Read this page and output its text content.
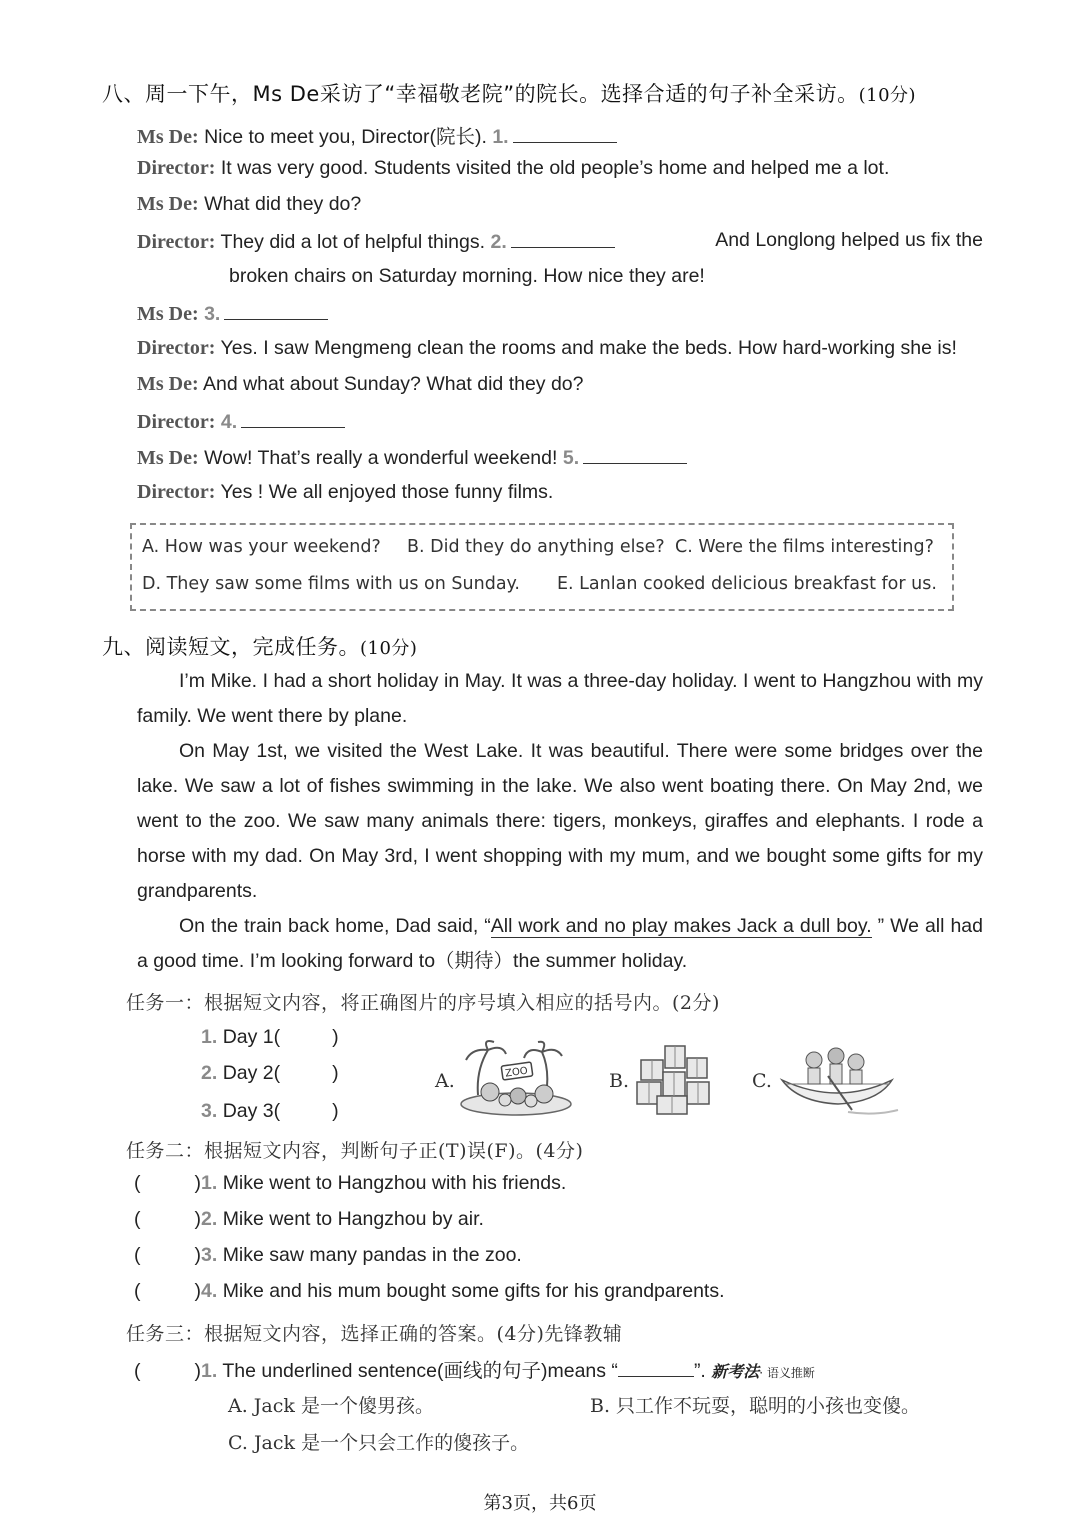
八、周一下午，Ms De采访了“幸福敬老院”的院长。选择合适的句子补全采访。(10分)
Ms De: Nice to meet you, Director(院长). 1.
Director: It was very good. Students visited the old people’s home and helped me a lot.
Ms De: What did they do?
Director: They did a lot of helpful things. 2.	And Longlong helped us fix the
broken chairs on Saturday morning. How nice they are!
Ms De: 3.
Director: Yes. I saw Mengmeng clean the rooms and make the beds. How hard-working she is!
Ms De: And what about Sunday? What did they do?
Director: 4.
Ms De: Wow! That’s really a wonderful weekend! 5.
Director: Yes ! We all enjoyed those funny films.
A. How was your weekend? B. Did they do anything else? C. Were the films interesting?
D. They saw some films with us on Sunday. E. Lanlan cooked delicious breakfast for us.
九、阅读短文，完成任务。(10分)
I’m Mike. I had a short holiday in May. It was a three-day holiday. I went to Hangzhou with my family. We went there by plane.
On May 1st, we visited the West Lake. It was beautiful. There were some bridges over the lake. We saw a lot of fishes swimming in the lake. We also went boating there. On May 2nd, we went to the zoo. We saw many animals there: tigers, monkeys, giraffes and elephants. I rode a horse with my dad. On May 3rd, I went shopping with my mum, and we bought some gifts for my grandparents.
On the train back home, Dad said, “All work and no play makes Jack a dull boy. ” We all had a good time. I’m looking forward to（期待）the summer holiday.
任务一：根据短文内容，将正确图片的序号填入相应的括号内。(2分)
1. Day 1(	)
2. Day 2(	)
3. Day 3(	)
A.	B.	C.
ZOO
任务二：根据短文内容，判断句子正(T)误(F)。(4分)
(	)1. Mike went to Hangzhou with his friends.
(	)2. Mike went to Hangzhou by air.
(	)3. Mike saw many pandas in the zoo.
(	)4. Mike and his mum bought some gifts for his grandparents.
任务三：根据短文内容，选择正确的答案。(4分)先锋教辅
(	)1. The underlined sentence(画线的句子)means “	”. 新考法· 语义推断
A. Jack 是一个傻男孩。	B. 只工作不玩耍，聪明的小孩也变傻。
C. Jack 是一个只会工作的傻孩子。
第3页，共6页
